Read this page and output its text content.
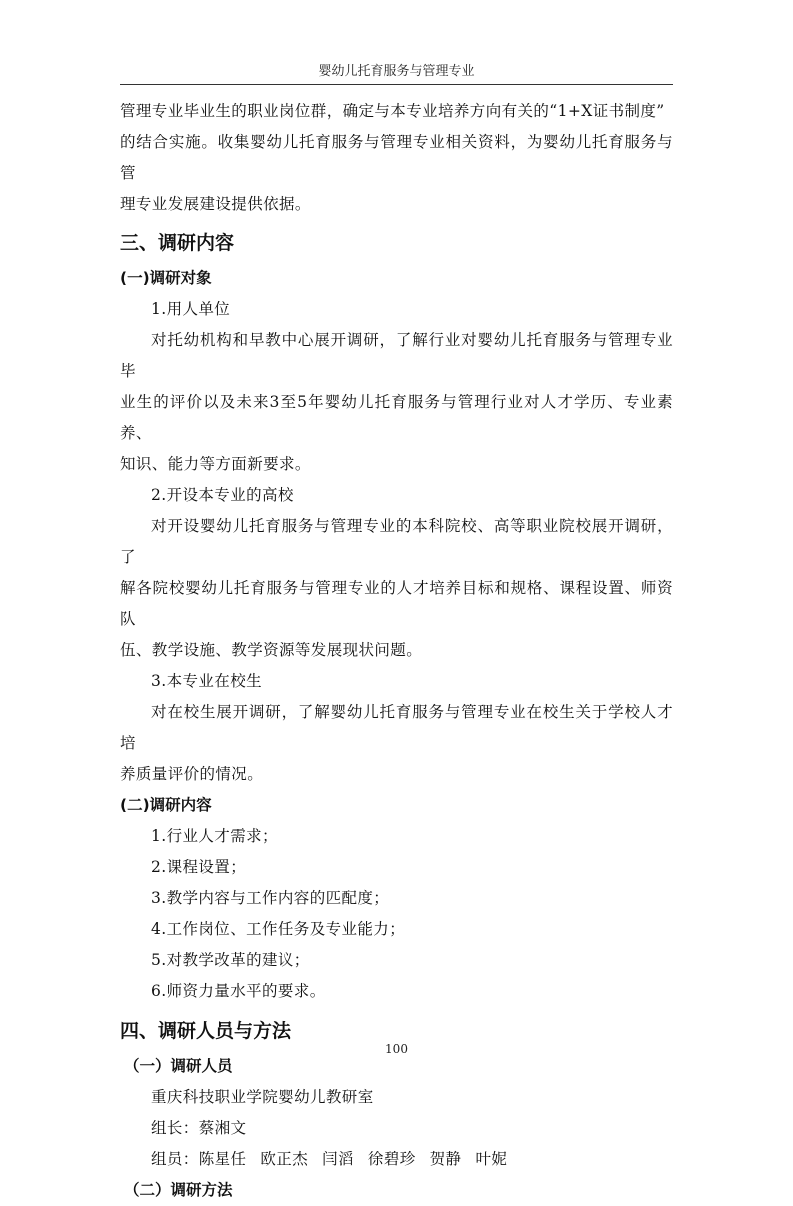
婴幼儿托育服务与管理专业

管理专业毕业生的职业岗位群，确定与本专业培养方向有关的“1+X证书制度”

的结合实施。收集婴幼儿托育服务与管理专业相关资料，为婴幼儿托育服务与管

理专业发展建设提供依据。

三、调研内容
(一)调研对象

1.用人单位

对托幼机构和早教中心展开调研，了解行业对婴幼儿托育服务与管理专业毕

业生的评价以及未来3至5年婴幼儿托育服务与管理行业对人才学历、专业素养、

知识、能力等方面新要求。

2.开设本专业的高校

对开设婴幼儿托育服务与管理专业的本科院校、高等职业院校展开调研，了

解各院校婴幼儿托育服务与管理专业的人才培养目标和规格、课程设置、师资队

伍、教学设施、教学资源等发展现状问题。

3.本专业在校生

对在校生展开调研，了解婴幼儿托育服务与管理专业在校生关于学校人才培

养质量评价的情况。

(二)调研内容

1.行业人才需求；

2.课程设置；

3.教学内容与工作内容的匹配度；

4.工作岗位、工作任务及专业能力；

5.对教学改革的建议；

6.师资力量水平的要求。

四、调研人员与方法
（一）调研人员

重庆科技职业学院婴幼儿教研室

组长：蔡湘文

组员：陈星任 欧正杰 闫滔 徐碧珍 贺静 叶妮

（二）调研方法
100
